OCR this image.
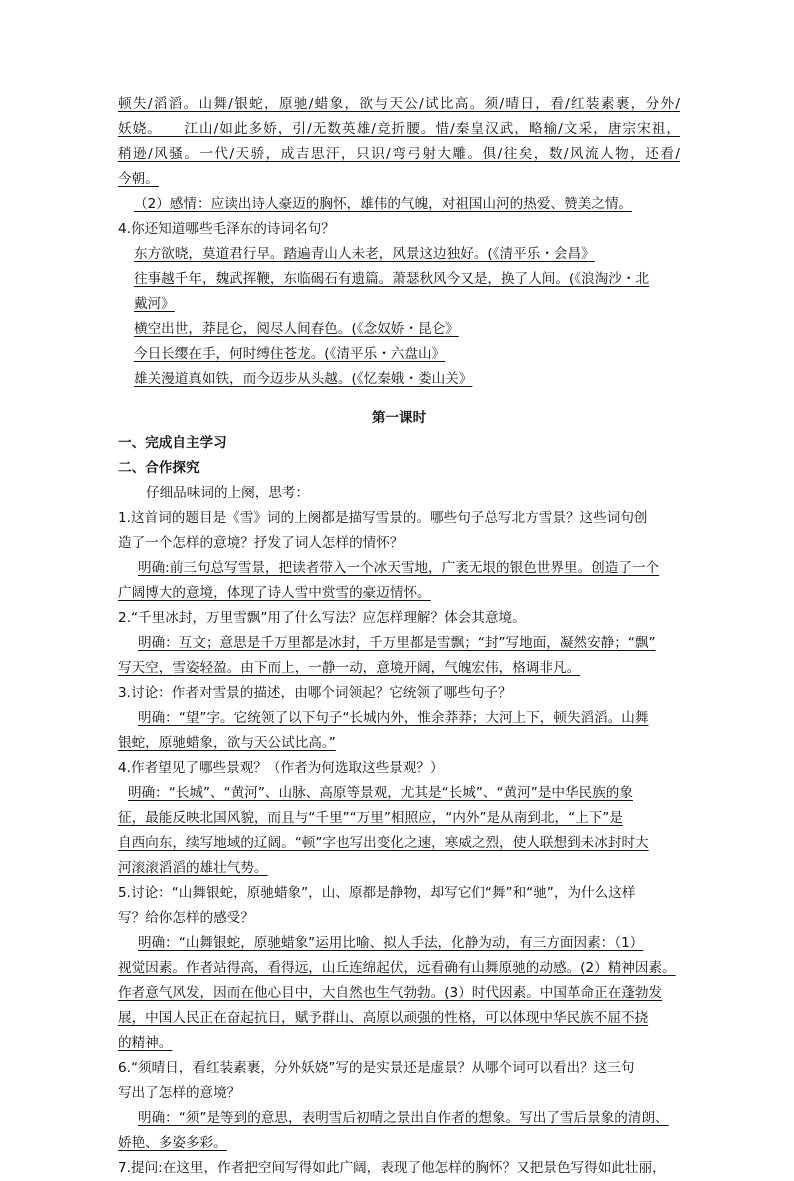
顿失/滔滔。山舞/银蛇，原驰/蜡象，欲与天公/试比高。须/晴日，看/红装素裹，分外/
妖娆。　　江山/如此多娇，引/无数英雄/竞折腰。惜/秦皇汉武，略输/文采，唐宗宋祖，
稍逊/风骚。一代/天骄，成吉思汗，只识/弯弓射大雕。俱/往矣，数/风流人物，还看/
今朝。
（2）感情：应读出诗人豪迈的胸怀，雄伟的气魄，对祖国山河的热爱、赞美之情。
4.你还知道哪些毛泽东的诗词名句？
东方欲晓，莫道君行早。踏遍青山人未老，风景这边独好。(《清平乐・会昌》
往事越千年，魏武挥鞭，东临碣石有遗篇。萧瑟秋风今又是，换了人间。(《浪淘沙・北
戴河》
横空出世，莽昆仑，阅尽人间春色。(《念奴娇・昆仑》
今日长缨在手，何时缚住苍龙。(《清平乐・六盘山》
雄关漫道真如铁，而今迈步从头越。(《忆秦娥・娄山关》
第一课时
一、完成自主学习
二、合作探究
仔细品味词的上阕，思考：
1.这首词的题目是《雪》词的上阕都是描写雪景的。哪些句子总写北方雪景？这些词句创
造了一个怎样的意境？抒发了词人怎样的情怀？
明确:前三句总写雪景，把读者带入一个冰天雪地，广袤无垠的银色世界里。创造了一个
广阔博大的意境，体现了诗人雪中赏雪的豪迈情怀。
2.“千里冰封，万里雪飘”用了什么写法？应怎样理解？体会其意境。
明确：互文；意思是千万里都是冰封，千万里都是雪飘；“封”写地面，凝然安静；“飘”
写天空，雪姿轻盈。由下而上，一静一动，意境开阔，气魄宏伟，格调非凡。
3.讨论：作者对雪景的描述，由哪个词领起？它统领了哪些句子？
明确：“望”字。它统领了以下句子“长城内外，惟余莽莽；大河上下，顿失滔滔。山舞
银蛇，原驰蜡象，欲与天公试比高。”
4.作者望见了哪些景观？（作者为何选取这些景观？）
明确：“长城”、“黄河”、山脉、高原等景观，尤其是“长城”、“黄河”是中华民族的象
征，最能反映北国风貌，而且与“千里”“万里”相照应，“内外”是从南到北，“上下”是
自西向东，续写地域的辽阔。“顿”字也写出变化之速，寒威之烈，使人联想到未冰封时大
河滚滚滔滔的雄壮气势。
5.讨论：“山舞银蛇，原驰蜡象”，山、原都是静物，却写它们“舞”和“驰”，为什么这样
写？给你怎样的感受？
明确：“山舞银蛇，原驰蜡象”运用比喻、拟人手法，化静为动，有三方面因素：（1）
视觉因素。作者站得高，看得远，山丘连绵起伏，远看确有山舞原驰的动感。(2）精神因素。
作者意气风发，因而在他心目中，大自然也生气勃勃。(3）时代因素。中国革命正在蓬勃发
展，中国人民正在奋起抗日，赋予群山、高原以顽强的性格，可以体现中华民族不屈不挠
的精神。
6.“须晴日，看红装素裹，分外妖娆”写的是实景还是虚景？从哪个词可以看出？这三句
写出了怎样的意境？
明确：“须”是等到的意思，表明雪后初晴之景出自作者的想象。写出了雪后景象的清朗、
娇艳、多姿多彩。
7.提问:在这里，作者把空间写得如此广阔，表现了他怎样的胸怀？又把景色写得如此壮丽，
